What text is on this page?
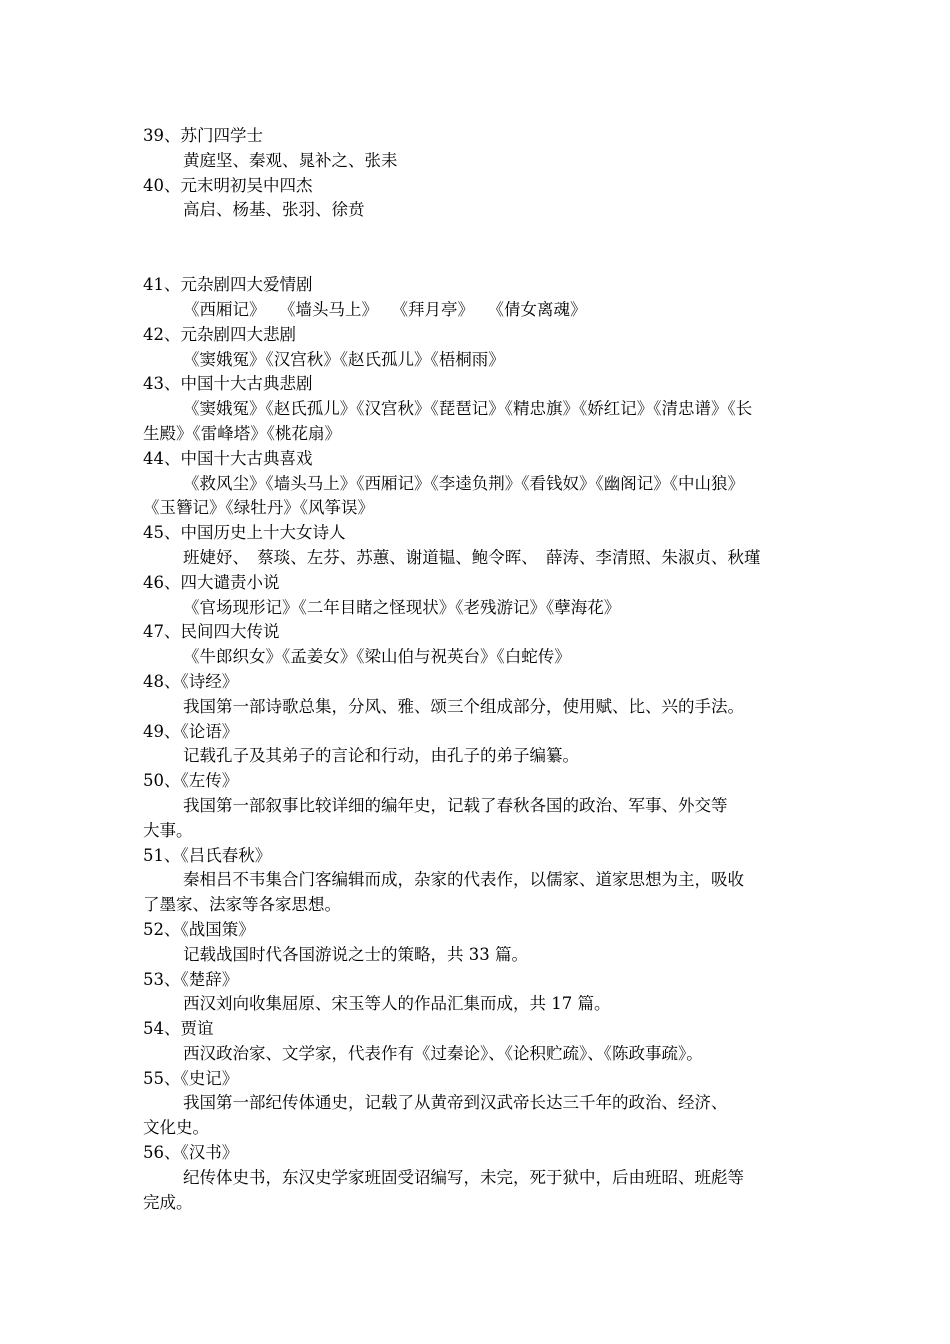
39、苏门四学士
黄庭坚、秦观、晁补之、张耒
40、元末明初吴中四杰
高启、杨基、张羽、徐贲
41、元杂剧四大爱情剧
《西厢记》　 《墙头马上》　 《拜月亭》　 《倩女离魂》
42、元杂剧四大悲剧
《窦娥冤》《汉宫秋》《赵氏孤儿》《梧桐雨》
43、中国十大古典悲剧
《窦娥冤》《赵氏孤儿》《汉宫秋》《琵琶记》《精忠旗》《娇红记》《清忠谱》《长
生殿》《雷峰塔》《桃花扇》
44、中国十大古典喜戏
《救风尘》《墙头马上》《西厢记》《李逵负荆》《看钱奴》《幽阁记》《中山狼》
《玉簪记》《绿牡丹》《风筝误》
45、中国历史上十大女诗人
班婕妤、　蔡琰、左芬、苏蕙、谢道韫、鲍令晖、　薛涛、李清照、朱淑贞、秋瑾
46、四大谴责小说
《官场现形记》《二年目睹之怪现状》《老残游记》《孽海花》
47、民间四大传说
《牛郎织女》《孟姜女》《梁山伯与祝英台》《白蛇传》
48、《诗经》
我国第一部诗歌总集，分风、雅、颂三个组成部分，使用赋、比、兴的手法。
49、《论语》
记载孔子及其弟子的言论和行动，由孔子的弟子编纂。
50、《左传》
我国第一部叙事比较详细的编年史，记载了春秋各国的政治、军事、外交等
大事。
51、《吕氏春秋》
秦相吕不韦集合门客编辑而成，杂家的代表作，以儒家、道家思想为主，吸收
了墨家、法家等各家思想。
52、《战国策》
记载战国时代各国游说之士的策略，共 33 篇。
53、《楚辞》
西汉刘向收集屈原、宋玉等人的作品汇集而成，共 17 篇。
54、贾谊
西汉政治家、文学家，代表作有《过秦论》、《论积贮疏》、《陈政事疏》。
55、《史记》
我国第一部纪传体通史，记载了从黄帝到汉武帝长达三千年的政治、经济、
文化史。
56、《汉书》
纪传体史书，东汉史学家班固受诏编写，未完，死于狱中，后由班昭、班彪等
完成。
